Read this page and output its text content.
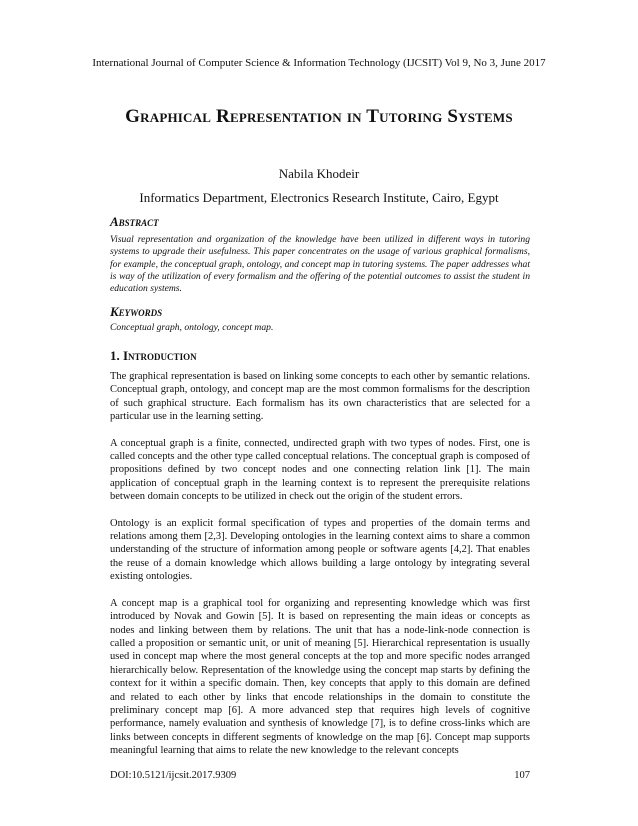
International Journal of Computer Science & Information Technology (IJCSIT) Vol 9, No 3, June 2017
Graphical Representation in Tutoring Systems
Nabila Khodeir
Informatics Department, Electronics Research Institute, Cairo, Egypt
Abstract
Visual representation and organization of the knowledge have been utilized in different ways in tutoring systems to upgrade their usefulness. This paper concentrates on the usage of various graphical formalisms, for example, the conceptual graph, ontology, and concept map in tutoring systems. The paper addresses what is way of the utilization of every formalism and the offering of the potential outcomes to assist the student in education systems.
Keywords
Conceptual graph, ontology, concept map.
1. Introduction

The graphical representation is based on linking some concepts to each other by semantic relations. Conceptual graph, ontology, and concept map are the most common formalisms for the description of such graphical structure. Each formalism has its own characteristics that are selected for a particular use in the learning setting.

A conceptual graph is a finite, connected, undirected graph with two types of nodes. First, one is called concepts and the other type called conceptual relations. The conceptual graph is composed of propositions defined by two concept nodes and one connecting relation link [1]. The main application of conceptual graph in the learning context is to represent the prerequisite relations between domain concepts to be utilized in check out the origin of the student errors.

Ontology is an explicit formal specification of types and properties of the domain terms and relations among them [2,3]. Developing ontologies in the learning context aims to share a common understanding of the structure of information among people or software agents [4,2]. That enables the reuse of a domain knowledge which allows building a large ontology by integrating several existing ontologies.

A concept map is a graphical tool for organizing and representing knowledge which was first introduced by Novak and Gowin [5]. It is based on representing the main ideas or concepts as nodes and linking between them by relations. The unit that has a node-link-node connection is called a proposition or semantic unit, or unit of meaning [5]. Hierarchical representation is usually used in concept map where the most general concepts at the top and more specific nodes arranged hierarchically below. Representation of the knowledge using the concept map starts by defining the context for it within a specific domain. Then, key concepts that apply to this domain are defined and related to each other by links that encode relationships in the domain to constitute the preliminary concept map [6]. A more advanced step that requires high levels of cognitive performance, namely evaluation and synthesis of knowledge [7], is to define cross-links which are links between concepts in different segments of knowledge on the map [6]. Concept map supports meaningful learning that aims to relate the new knowledge to the relevant concepts

DOI:10.5121/ijcsit.2017.9309	107
